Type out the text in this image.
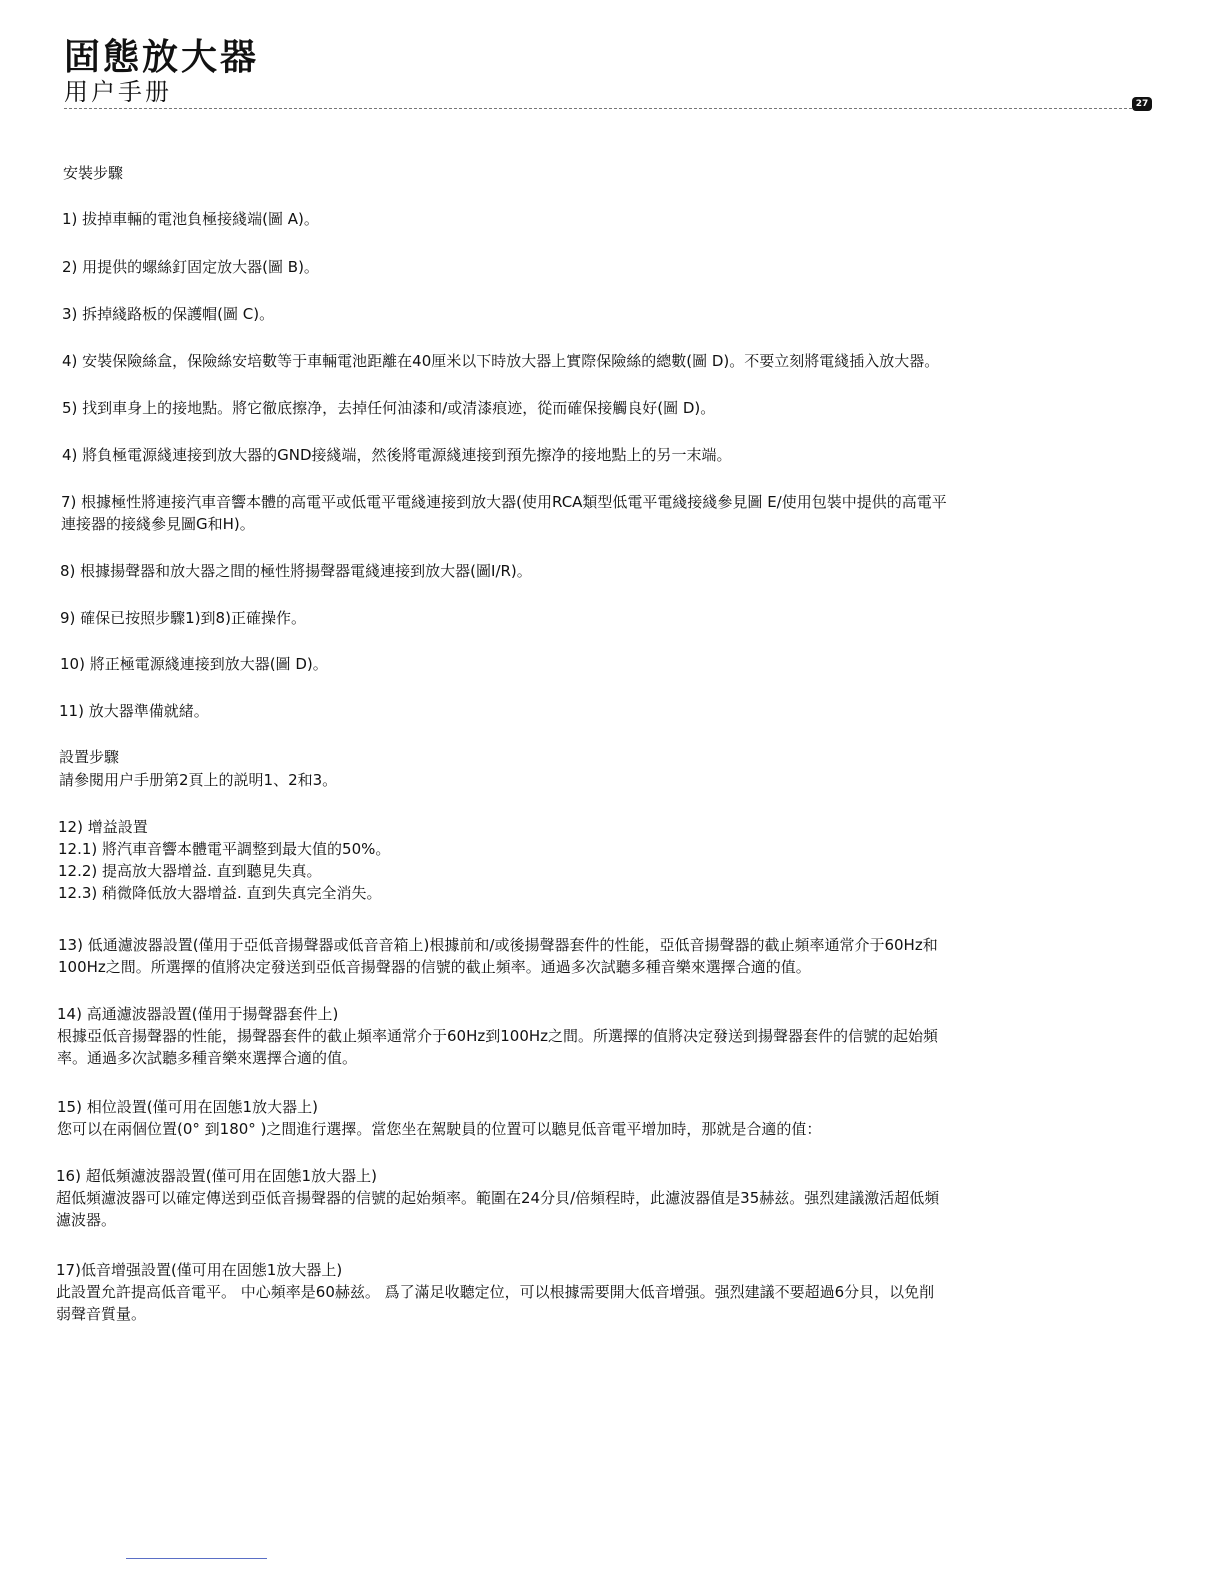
固態放大器
用户手册	27
安裝步驟
1) 拔掉車輛的電池負極接綫端(圖 A)。
2) 用提供的螺絲釘固定放大器(圖 B)。
3) 拆掉綫路板的保護帽(圖 C)。
4) 安裝保險絲盒，保險絲安培數等于車輛電池距離在40厘米以下時放大器上實際保險絲的總數(圖 D)。不要立刻將電綫插入放大器。
5) 找到車身上的接地點。將它徹底擦净，去掉任何油漆和/或清漆痕迹，從而確保接觸良好(圖 D)。
4) 將負極電源綫連接到放大器的GND接綫端，然後將電源綫連接到預先擦净的接地點上的另一末端。
7) 根據極性將連接汽車音響本體的高電平或低電平電綫連接到放大器(使用RCA類型低電平電綫接綫參見圖 E/使用包裝中提供的高電平
連接器的接綫參見圖G和H)。
8) 根據揚聲器和放大器之間的極性將揚聲器電綫連接到放大器(圖I/R)。
9) 確保已按照步驟1)到8)正確操作。
10) 將正極電源綫連接到放大器(圖 D)。
11) 放大器準備就緒。
設置步驟
請參閱用户手册第2頁上的説明1、2和3。
12) 增益設置
12.1) 將汽車音響本體電平調整到最大值的50%。
12.2) 提高放大器增益. 直到聽見失真。
12.3) 稍微降低放大器增益. 直到失真完全消失。
13) 低通濾波器設置(僅用于亞低音揚聲器或低音音箱上)根據前和/或後揚聲器套件的性能，亞低音揚聲器的截止頻率通常介于60Hz和
100Hz之間。所選擇的值將决定發送到亞低音揚聲器的信號的截止頻率。通過多次試聽多種音樂來選擇合適的值。
14) 高通濾波器設置(僅用于揚聲器套件上)
根據亞低音揚聲器的性能，揚聲器套件的截止頻率通常介于60Hz到100Hz之間。所選擇的值將决定發送到揚聲器套件的信號的起始頻
率。通過多次試聽多種音樂來選擇合適的值。
15) 相位設置(僅可用在固態1放大器上)
您可以在兩個位置(0° 到180° )之間進行選擇。當您坐在駕駛員的位置可以聽見低音電平增加時，那就是合適的值：
16) 超低頻濾波器設置(僅可用在固態1放大器上)
超低頻濾波器可以確定傳送到亞低音揚聲器的信號的起始頻率。範圍在24分貝/倍頻程時，此濾波器值是35赫兹。强烈建議激活超低頻
濾波器。
17)低音增强設置(僅可用在固態1放大器上)
此設置允許提高低音電平。 中心頻率是60赫兹。 爲了滿足收聽定位，可以根據需要開大低音增强。强烈建議不要超過6分貝，以免削
弱聲音質量。
